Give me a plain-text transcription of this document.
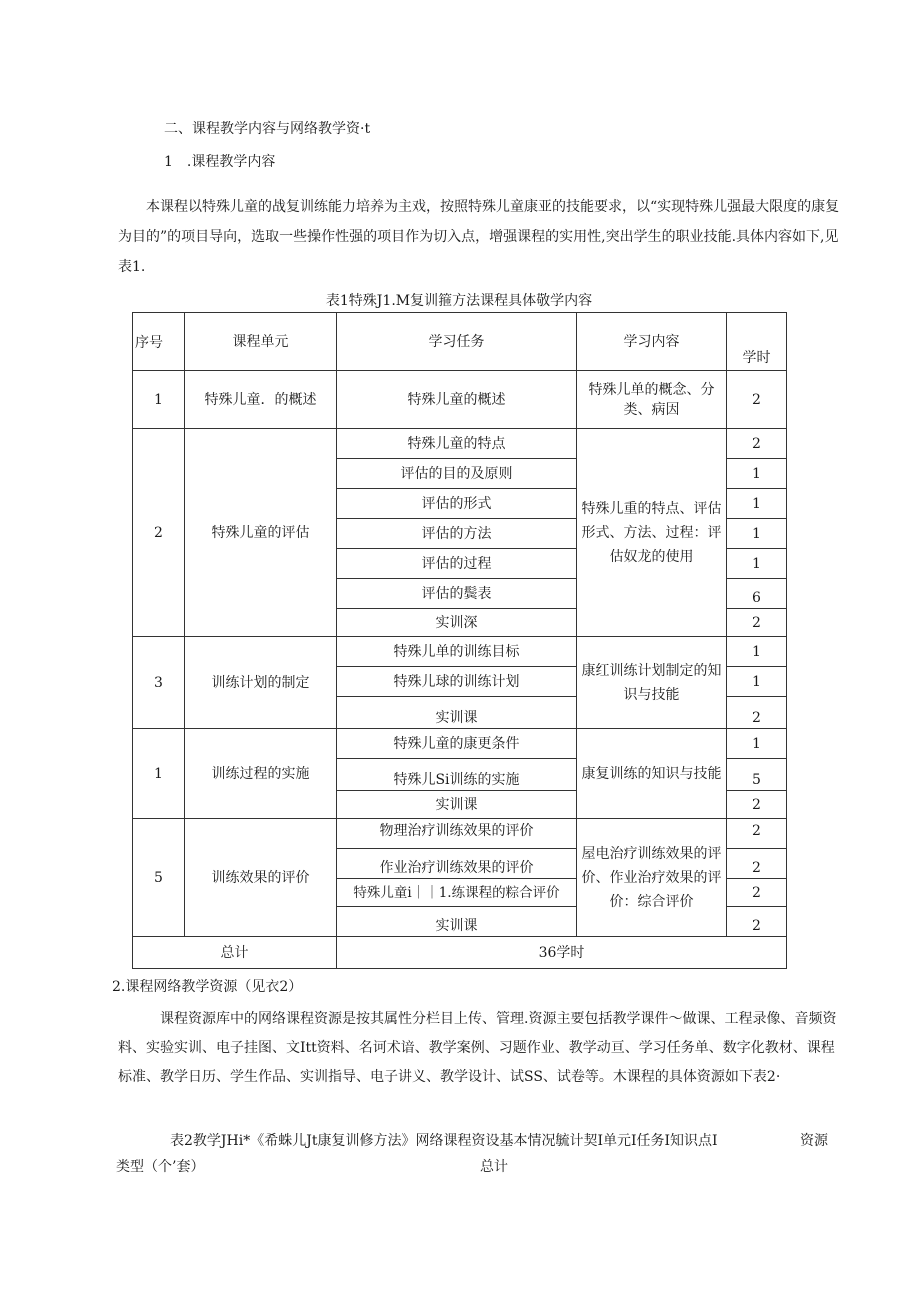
二、课程教学内容与网络教学资·t
1　.课程教学内容
本课程以特殊儿童的战复训练能力培养为主戏，按照特殊儿童康亚的技能要求，以“实现特殊儿强最大限度的康复为目的”的项目导向，选取一些操作性强的项目作为切入点，增强课程的实用性,突出学生的职业技能.具体内容如下,见表1.
表1特殊J1.M复训箍方法课程具体敬学内容
序号	课程单元	学习任务	学习内容	学时
1	特殊儿童．的概述	特殊儿童的概述	特殊儿单的概念、分类、病因	2
2	特殊儿童的评估	特殊儿童的特点	特殊儿重的特点、评估形式、方法、过程：评估奴龙的使用	2
		评估的目的及原则		1
		评估的形式		1
		评估的方法		1
		评估的过程		1
		评估的鬓表		6
		实训深		2
3	训练计划的制定	特殊儿单的训练目标	康红训练计划制定的知识与技能	1
		特殊儿球的训练计划		1
		实训课		2
1	训练过程的实施	特殊儿童的康更条件	康复训练的知识与技能	1
		特殊儿Si训练的实施		5
		实训课		2
5	训练效果的评价	物理治疗训练效果的评价	屋电治疗训练效果的评价、作业治疗效果的评价：综合评价	2
		作业治疗训练效果的评价		2
		特殊儿童i｜｜1.练课程的粽合评价		2
		实训课		2
总计		36学时		
2.课程网络教学资源（见衣2）
课程资源库中的网络课程资源是按其属性分栏目上传、管理.资源主要包括教学课件～做课、工程录像、音频资料、实验实训、电子挂图、文Itt资料、名诃术谙、教学案例、习题作业、教学动亘、学习任务单、数字化教材、课程标准、教学日历、学生作品、实训指导、电子讲义、教学设计、试SS、试卷等。木课程的具体资源如下表2·
表2教学JHi*《希蛛儿Jt康复训修方法》网络课程资设基本情况毓计契I单元I任务I知识点I	资源
类型（个’套）	总计
